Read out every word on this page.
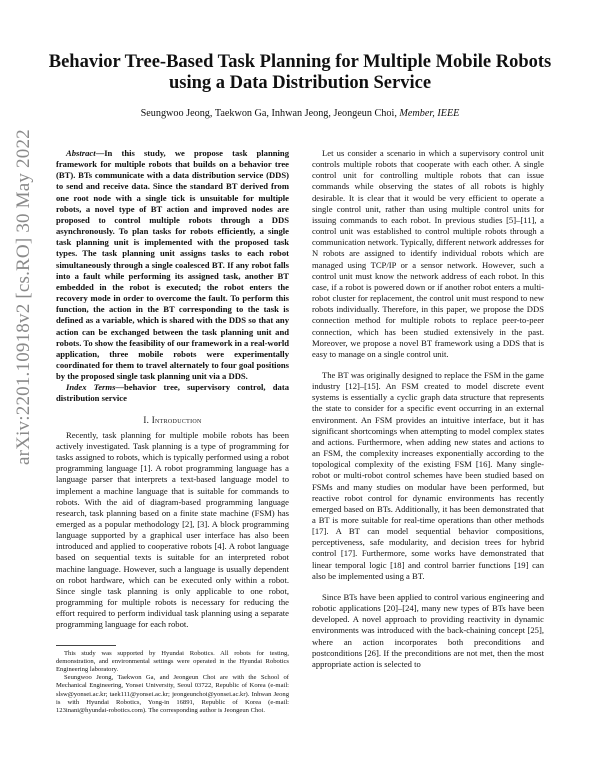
Behavior Tree-Based Task Planning for Multiple Mobile Robots using a Data Distribution Service
Seungwoo Jeong, Taekwon Ga, Inhwan Jeong, Jeongeun Choi, Member, IEEE
arXiv:2201.10918v2 [cs.RO] 30 May 2022	Abstract—In this study, we propose task planning framework for multiple robots that builds on a behavior tree (BT). BTs communicate with a data distribution service (DDS) to send and receive data. Since the standard BT derived from one root node with a single tick is unsuitable for multiple robots, a novel type of BT action and improved nodes are proposed to control multiple robots through a DDS asynchronously. To plan tasks for robots efficiently, a single task planning unit is implemented with the proposed task types. The task planning unit assigns tasks to each robot simultaneously through a single coalesced BT. If any robot falls into a fault while performing its assigned task, another BT embedded in the robot is executed; the robot enters the recovery mode in order to overcome the fault. To perform this function, the action in the BT corresponding to the task is defined as a variable, which is shared with the DDS so that any action can be exchanged between the task planning unit and robots. To show the feasibility of our framework in a real-world application, three mobile robots were experimentally coordinated for them to travel alternately to four goal positions by the proposed single task planning unit via a DDS.

Index Terms—behavior tree, supervisory control, data distribution service

I. Introduction

Recently, task planning for multiple mobile robots has been actively investigated. Task planning is a type of programming for tasks assigned to robots, which is typically performed using a robot programming language [1]. A robot programming language has a language parser that interprets a text-based language model to implement a machine language that is suitable for commands to robots. With the aid of diagram-based programming language research, task planning based on a finite state machine (FSM) has emerged as a popular methodology [2], [3]. A block programming language supported by a graphical user interface has also been introduced and applied to cooperative robots [4]. A robot language based on sequential texts is suitable for an interpreted robot machine language. However, such a language is usually dependent on robot hardware, which can be executed only within a robot. Since single task planning is only applicable to one robot, programming for multiple robots is necessary for reducing the effort required to perform individual task planning using a separate programming language for each robot.

This study was supported by Hyundai Robotics. All robots for testing, demonstration, and environmental settings were operated in the Hyundai Robotics Engineering laboratory.

Seungwoo Jeong, Taekwon Ga, and Jeongeun Choi are with the School of Mechanical Engineering, Yonsei University, Seoul 03722, Republic of Korea (e-mail: slsw@yonsei.ac.kr; taek111@yonsei.ac.kr; jeongeunchoi@yonsei.ac.kr). Inhwan Jeong is with Hyundai Robotics, Yong-in 16891, Republic of Korea (e-mail: 123inani@hyundai-robotics.com). The corresponding author is Jeongeun Choi.

Let us consider a scenario in which a supervisory control unit controls multiple robots that cooperate with each other. A single control unit for controlling multiple robots that can issue commands while observing the states of all robots is highly desirable. It is clear that it would be very efficient to operate a single control unit, rather than using multiple control units for issuing commands to each robot. In previous studies [5]–[11], a control unit was established to control multiple robots through a communication network. Typically, different network addresses for N robots are assigned to identify individual robots which are managed using TCP/IP or a sensor network. However, such a control unit must know the network address of each robot. In this case, if a robot is powered down or if another robot enters a multi-robot cluster for replacement, the control unit must respond to new robots individually. Therefore, in this paper, we propose the DDS connection method for multiple robots to replace peer-to-peer connection, which has been studied extensively in the past. Moreover, we propose a novel BT framework using a DDS that is easy to manage on a single control unit.

The BT was originally designed to replace the FSM in the game industry [12]–[15]. An FSM created to model discrete event systems is essentially a cyclic graph data structure that represents the state to consider for a specific event occurring in an external environment. An FSM provides an intuitive interface, but it has significant shortcomings when attempting to model complex states and actions. Furthermore, when adding new states and actions to an FSM, the complexity increases exponentially according to the topological complexity of the existing FSM [16]. Many single-robot or multi-robot control schemes have been studied based on FSMs and many studies on modular have been performed, but reactive robot control for dynamic environments has recently emerged based on BTs. Additionally, it has been demonstrated that a BT is more suitable for real-time operations than other methods [17]. A BT can model sequential behavior compositions, perceptiveness, safe modularity, and decision trees for hybrid control [17]. Furthermore, some works have demonstrated that linear temporal logic [18] and control barrier functions [19] can also be implemented using a BT.

Since BTs have been applied to control various engineering and robotic applications [20]–[24], many new types of BTs have been developed. A novel approach to providing reactivity in dynamic environments was introduced with the back-chaining concept [25], where an action incorporates both preconditions and postconditions [26]. If the preconditions are not met, then the most appropriate action is selected to
